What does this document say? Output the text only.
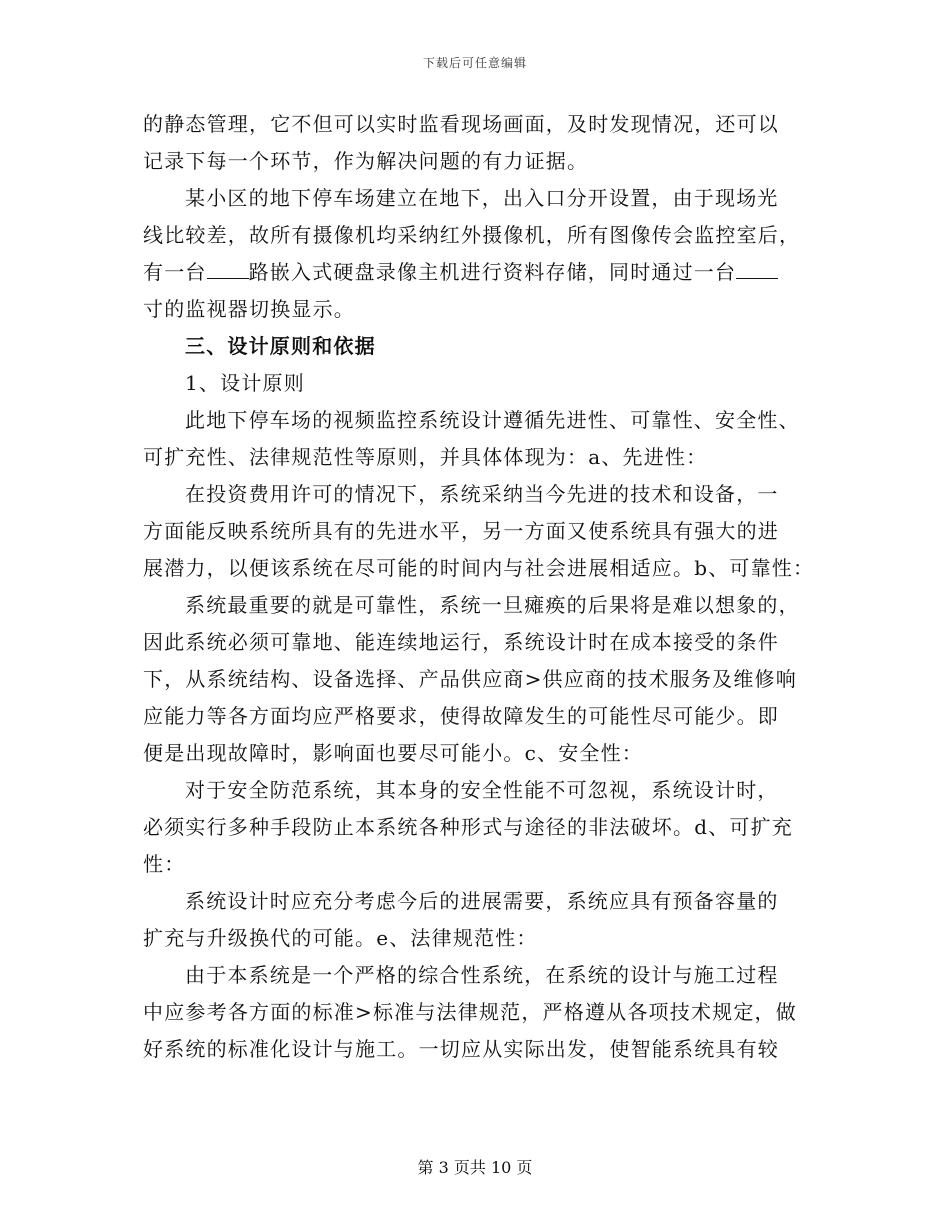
下载后可任意编辑
的静态管理，它不但可以实时监看现场画面，及时发现情况，还可以
记录下每一个环节，作为解决问题的有力证据。
某小区的地下停车场建立在地下，出入口分开设置，由于现场光
线比较差，故所有摄像机均采纳红外摄像机，所有图像传会监控室后，
有一台 路嵌入式硬盘录像主机进行资料存储，同时通过一台
寸的监视器切换显示。
三、设计原则和依据
1、设计原则
此地下停车场的视频监控系统设计遵循先进性、可靠性、安全性、
可扩充性、法律规范性等原则，并具体体现为：a、先进性：
在投资费用许可的情况下，系统采纳当今先进的技术和设备，一
方面能反映系统所具有的先进水平，另一方面又使系统具有强大的进
展潜力，以便该系统在尽可能的时间内与社会进展相适应。b、可靠性：
系统最重要的就是可靠性，系统一旦瘫痪的后果将是难以想象的，
因此系统必须可靠地、能连续地运行，系统设计时在成本接受的条件
下，从系统结构、设备选择、产品供应商>供应商的技术服务及维修响
应能力等各方面均应严格要求，使得故障发生的可能性尽可能少。即
便是出现故障时，影响面也要尽可能小。c、安全性：
对于安全防范系统，其本身的安全性能不可忽视，系统设计时，
必须实行多种手段防止本系统各种形式与途径的非法破坏。d、可扩充
性：
系统设计时应充分考虑今后的进展需要，系统应具有预备容量的
扩充与升级换代的可能。e、法律规范性：
由于本系统是一个严格的综合性系统，在系统的设计与施工过程
中应参考各方面的标准>标准与法律规范，严格遵从各项技术规定，做
好系统的标准化设计与施工。一切应从实际出发，使智能系统具有较
第 3 页共 10 页
